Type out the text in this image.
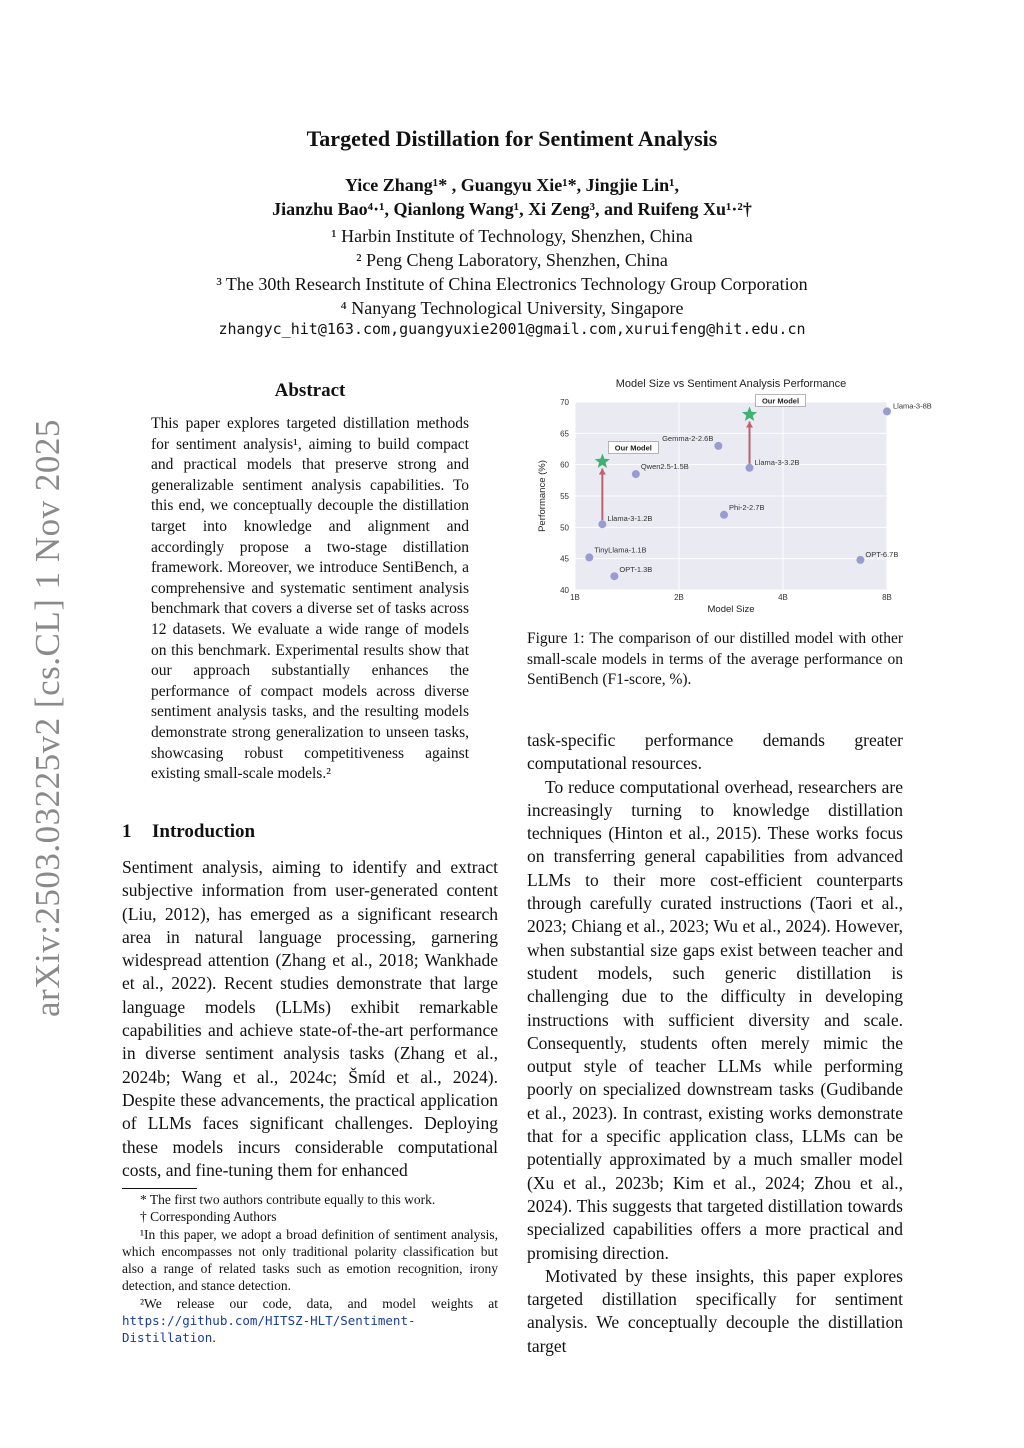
Targeted Distillation for Sentiment Analysis
Yice Zhang¹* , Guangyu Xie¹*, Jingjie Lin¹,
Jianzhu Bao⁴·¹, Qianlong Wang¹, Xi Zeng³, and Ruifeng Xu¹·²†
¹ Harbin Institute of Technology, Shenzhen, China
² Peng Cheng Laboratory, Shenzhen, China
³ The 30th Research Institute of China Electronics Technology Group Corporation
⁴ Nanyang Technological University, Singapore
zhangyc_hit@163.com,guangyuxie2001@gmail.com,xuruifeng@hit.edu.cn
arXiv:2503.03225v2 [cs.CL] 1 Nov 2025
Abstract
This paper explores targeted distillation methods for sentiment analysis¹, aiming to build compact and practical models that preserve strong and generalizable sentiment analysis capabilities. To this end, we conceptually decouple the distillation target into knowledge and alignment and accordingly propose a two-stage distillation framework. Moreover, we introduce SentiBench, a comprehensive and systematic sentiment analysis benchmark that covers a diverse set of tasks across 12 datasets. We evaluate a wide range of models on this benchmark. Experimental results show that our approach substantially enhances the performance of compact models across diverse sentiment analysis tasks, and the resulting models demonstrate strong generalization to unseen tasks, showcasing robust competitiveness against existing small-scale models.²
1 Introduction

Sentiment analysis, aiming to identify and extract subjective information from user-generated content (Liu, 2012), has emerged as a significant research area in natural language processing, garnering widespread attention (Zhang et al., 2018; Wankhade et al., 2022). Recent studies demonstrate that large language models (LLMs) exhibit remarkable capabilities and achieve state-of-the-art performance in diverse sentiment analysis tasks (Zhang et al., 2024b; Wang et al., 2024c; Šmíd et al., 2024). Despite these advancements, the practical application of LLMs faces significant challenges. Deploying these models incurs considerable computational costs, and fine-tuning them for enhanced

* The first two authors contribute equally to this work.
† Corresponding Authors
¹In this paper, we adopt a broad definition of sentiment analysis, which encompasses not only traditional polarity classification but also a range of related tasks such as emotion recognition, irony detection, and stance detection.
²We release our code, data, and model weights at https://github.com/HITSZ-HLT/Sentiment-Distillation.
40
45
50
55
60
65
70
1B	2B	4B	8B
Model Size vs Sentiment Analysis Performance
Model Size
Performance (%)
Llama-3-8B
Gemma-2-2.6B
Qwen2.5-1.5B	Llama-3-3.2B
Phi-2-2.7B
Llama-3-1.2B
TinyLlama-1.1B
OPT-1.3B
OPT-6.7B
Our Model
Our Model
Figure 1: The comparison of our distilled model with other small-scale models in terms of the average performance on SentiBench (F1-score, %).

task-specific performance demands greater computational resources.

To reduce computational overhead, researchers are increasingly turning to knowledge distillation techniques (Hinton et al., 2015). These works focus on transferring general capabilities from advanced LLMs to their more cost-efficient counterparts through carefully curated instructions (Taori et al., 2023; Chiang et al., 2023; Wu et al., 2024). However, when substantial size gaps exist between teacher and student models, such generic distillation is challenging due to the difficulty in developing instructions with sufficient diversity and scale. Consequently, students often merely mimic the output style of teacher LLMs while performing poorly on specialized downstream tasks (Gudibande et al., 2023). In contrast, existing works demonstrate that for a specific application class, LLMs can be potentially approximated by a much smaller model (Xu et al., 2023b; Kim et al., 2024; Zhou et al., 2024). This suggests that targeted distillation towards specialized capabilities offers a more practical and promising direction.

Motivated by these insights, this paper explores targeted distillation specifically for sentiment analysis. We conceptually decouple the distillation target
